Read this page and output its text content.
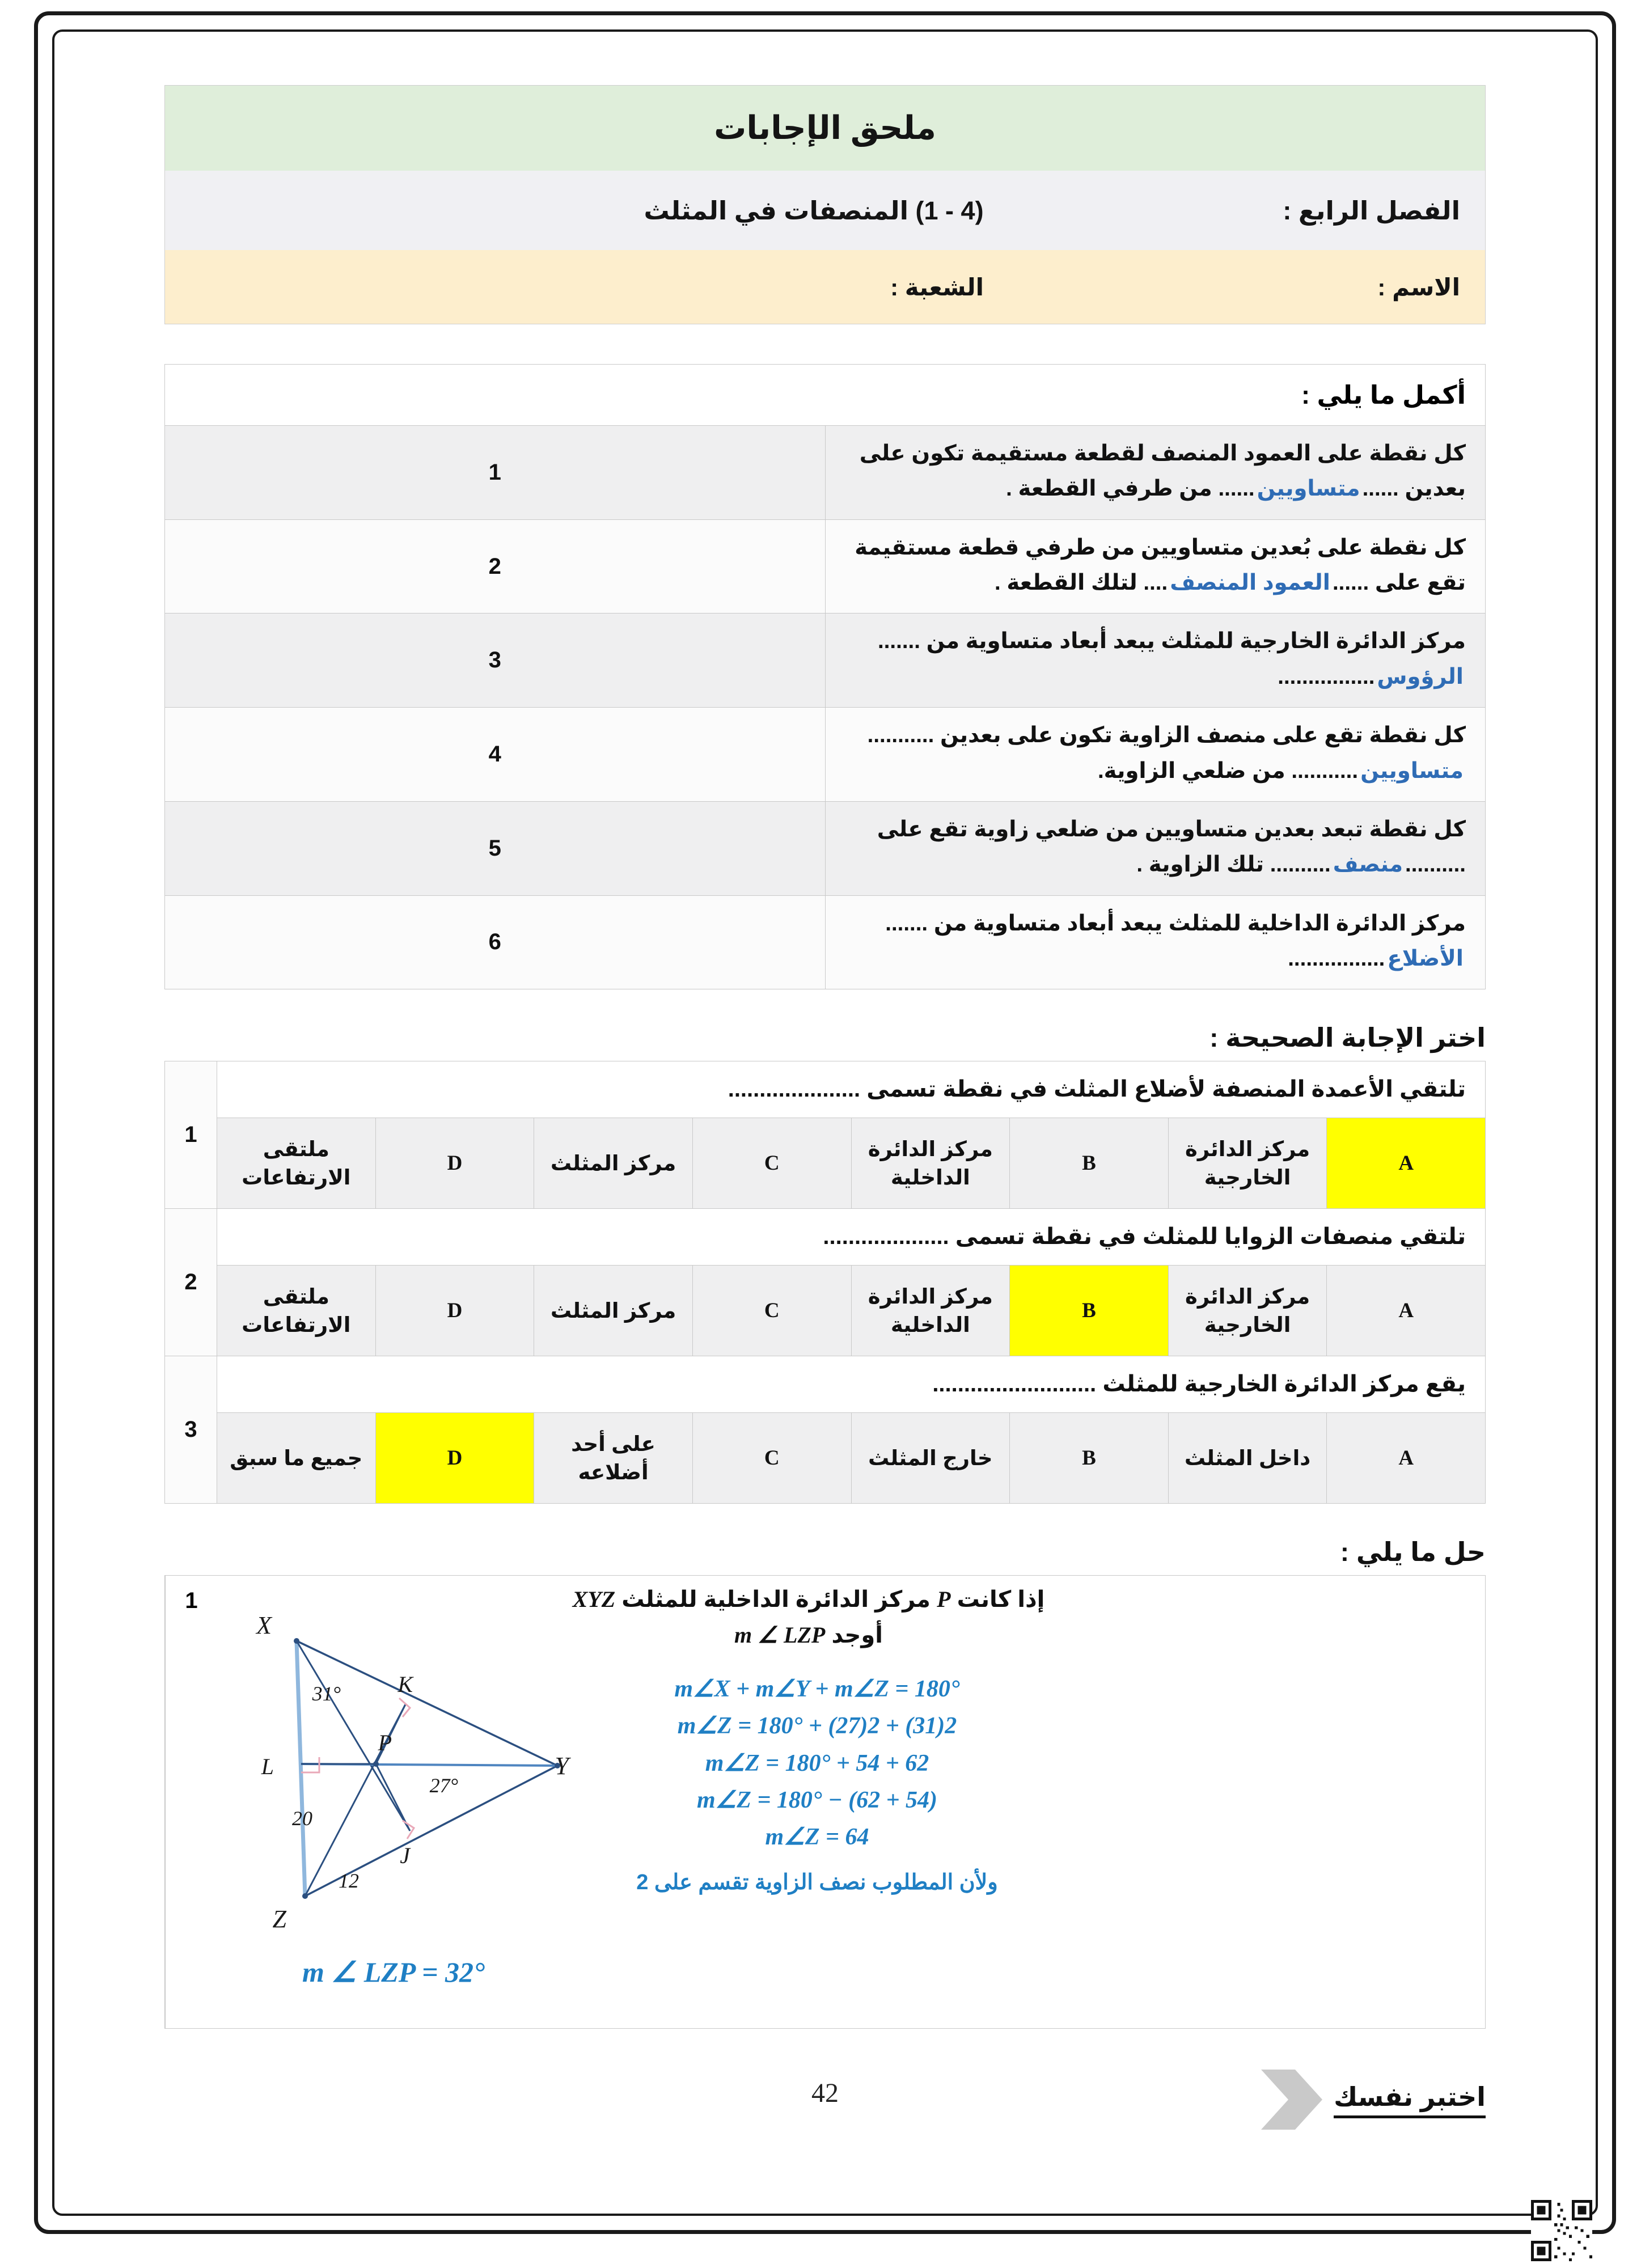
ملحق الإجابات
الفصل الرابع :
(4 - 1) المنصفات في المثلث
الاسم :
الشعبة :
أكمل ما يلي :	
كل نقطة على العمود المنصف لقطعة مستقيمة تكون على بعدين ......متساويين...... من طرفي القطعة .	1
كل نقطة على بُعدين متساويين من طرفي قطعة مستقيمة تقع على ......العمود المنصف.... لتلك القطعة .	2
مركز الدائرة الخارجية للمثلث يبعد أبعاد متساوية من .......الرؤوس................	3
كل نقطة تقع على منصف الزاوية تكون على بعدين ...........متساويين........... من ضلعي الزاوية.	4
كل نقطة تبعد بعدين متساويين من ضلعي زاوية تقع على ..........منصف.......... تلك الزاوية .	5
مركز الدائرة الداخلية للمثلث يبعد أبعاد متساوية من .......الأضلاع................	6
اختر الإجابة الصحيحة :
تلتقي الأعمدة المنصفة لأضلاع المثلث في نقطة تسمى .....................								1
A	مركز الدائرة الخارجية	B	مركز الدائرة الداخلية	C	مركز المثلث	D	ملتقى الارتفاعات	
تلتقي منصفات الزوايا للمثلث في نقطة تسمى ....................								2
A	مركز الدائرة الخارجية	B	مركز الدائرة الداخلية	C	مركز المثلث	D	ملتقى الارتفاعات	
يقع مركز الدائرة الخارجية للمثلث ..........................								3
A	داخل المثلث	B	خارج المثلث	C	على أحد أضلاعه	D	جميع ما سبق	
حل ما يلي :
X
Y
Z
K
L
J
P
31°
27°
20
12
إذا كانت P مركز الدائرة الداخلية للمثلث XYZ
أوجد m ∠ LZP
m∠X + m∠Y + m∠Z = 180°
2(31) + 2(27) + m∠Z = 180°
62 + 54 + m∠Z = 180°
m∠Z = 180° − (62 + 54)
m∠Z = 64
ولأن المطلوب نصف الزاوية تقسم على 2
m ∠ LZP = 32°
1
42	اختبر نفسك
